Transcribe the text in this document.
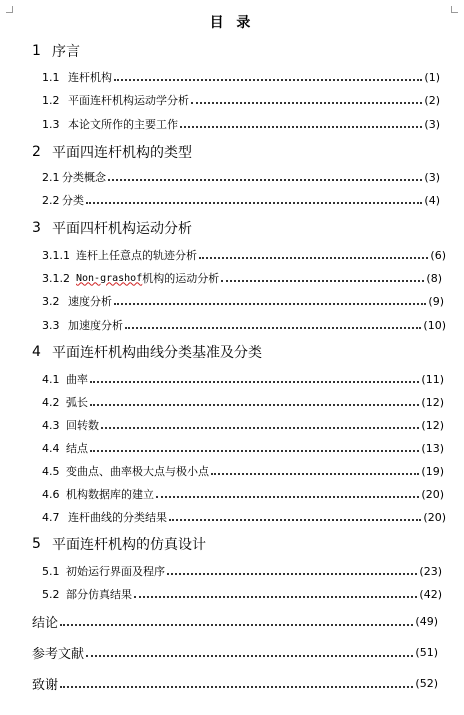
目 录
1 序言
1.1 连杆机构	(1)
1.2 平面连杆机构运动学分析	(2)
1.3 本论文所作的主要工作	(3)
2 平面四连杆机构的类型
2.1 分类概念	(3)
2.2 分类	(4)
3 平面四杆机构运动分析
3.1.1 连杆上任意点的轨迹分析	(6)
3.1.2 Non-grashof 机构的运动分析	(8)
3.2 速度分析	(9)
3.3 加速度分析	(10)
4 平面连杆机构曲线分类基准及分类
4.1 曲率	(11)
4.2 弧长	(12)
4.3 回转数	(12)
4.4 结点	(13)
4.5 变曲点、曲率极大点与极小点	(19)
4.6 机构数据库的建立	(20)
4.7 连杆曲线的分类结果	(20)
5 平面连杆机构的仿真设计
5.1 初始运行界面及程序	(23)
5.2 部分仿真结果	(42)
结论	(49)
参考文献	(51)
致谢	(52)
